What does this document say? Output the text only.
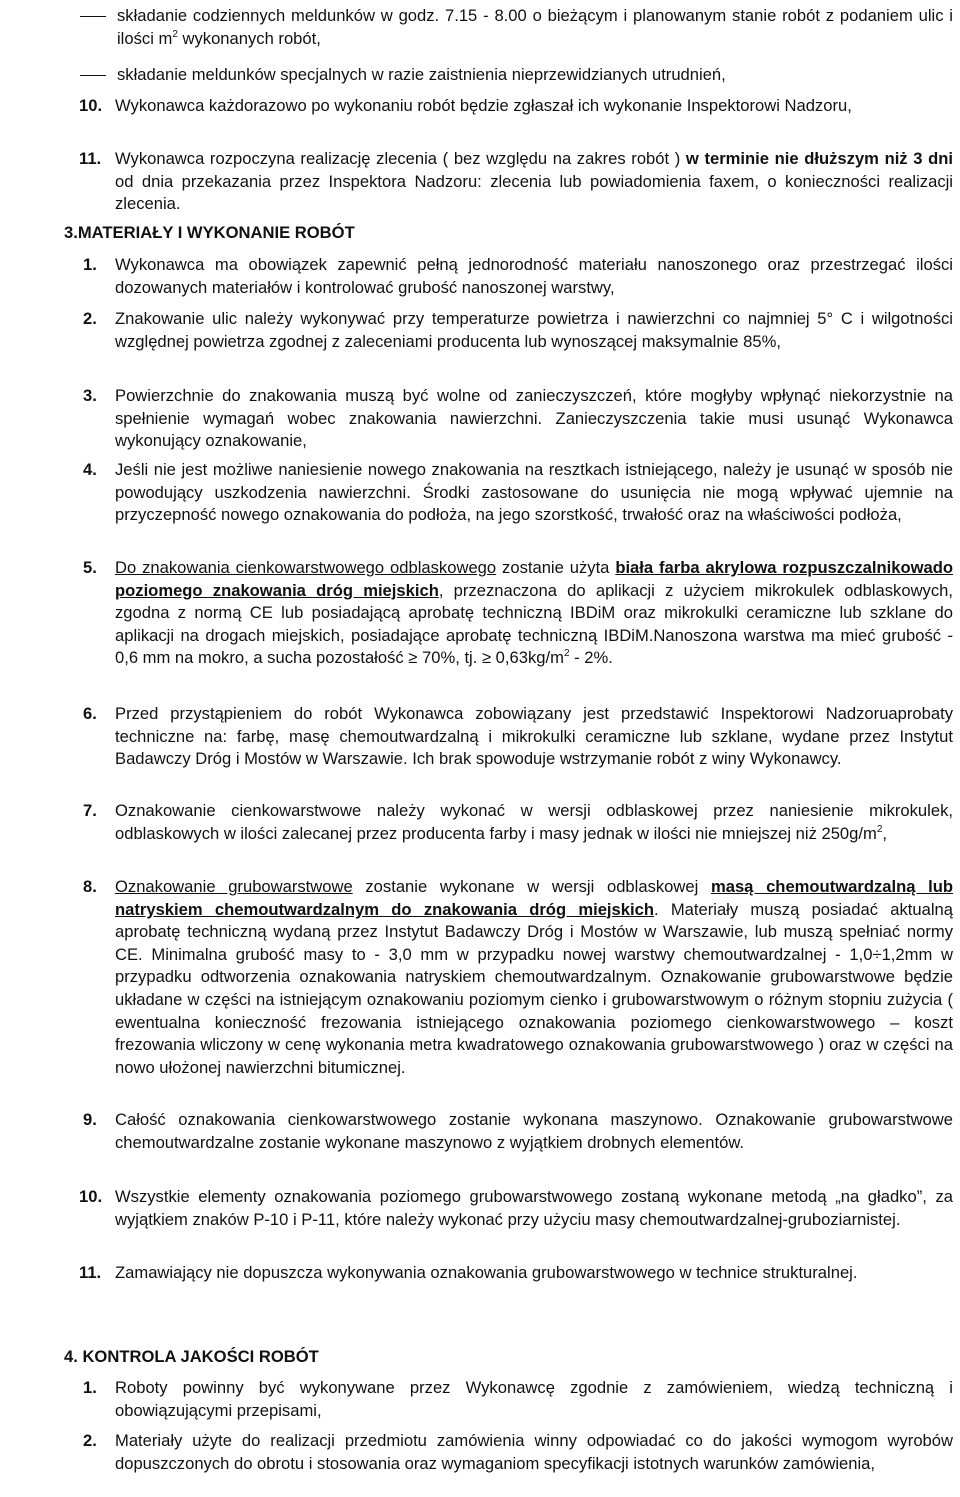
składanie codziennych meldunków w godz. 7.15 - 8.00 o bieżącym i planowanym stanie robót z podaniem ulic i ilości $m^2$ wykonanych robót,
składanie meldunków specjalnych w razie zaistnienia nieprzewidzianych utrudnień,
10. Wykonawca każdorazowo po wykonaniu robót będzie zgłaszał ich wykonanie Inspektorowi Nadzoru,
11. Wykonawca rozpoczyna realizację zlecenia ( bez względu na zakres robót ) w terminie nie dłuższym niż 3 dni od dnia przekazania przez Inspektora Nadzoru: zlecenia lub powiadomienia faxem, o konieczności realizacji zlecenia.
3.MATERIAŁY I WYKONANIE ROBÓT
1. Wykonawca ma obowiązek zapewnić pełną jednorodność materiału nanoszonego oraz przestrzegać ilości dozowanych materiałów i kontrolować grubość nanoszonej warstwy,
2. Znakowanie ulic należy wykonywać przy temperaturze powietrza i nawierzchni co najmniej 5° C i wilgotności względnej powietrza zgodnej z zaleceniami producenta lub wynoszącej maksymalnie 85%,
3. Powierzchnie do znakowania muszą być wolne od zanieczyszczeń, które mogłyby wpłynąć niekorzystnie na spełnienie wymagań wobec znakowania nawierzchni. Zanieczyszczenia takie musi usunąć Wykonawca wykonujący oznakowanie,
4. Jeśli nie jest możliwe naniesienie nowego znakowania na resztkach istniejącego, należy je usunąć w sposób nie powodujący uszkodzenia nawierzchni. Środki zastosowane do usunięcia nie mogą wpływać ujemnie na przyczepność nowego oznakowania do podłoża, na jego szorstkość, trwałość oraz na właściwości podłoża,
5. Do znakowania cienkowarstwowego odblaskowego zostanie użyta biała farba akrylowa rozpuszczalnikowado poziomego znakowania dróg miejskich, przeznaczona do aplikacji z użyciem mikrokulek odblaskowych, zgodna z normą CE lub posiadającą aprobatę techniczną IBDiM oraz mikrokulki ceramiczne lub szklane do aplikacji na drogach miejskich, posiadające aprobatę techniczną IBDiM.Nanoszona warstwa ma mieć grubość - 0,6 mm na mokro, a sucha pozostałość ≥ 70%, tj. ≥ $0,63kg/m^2 - 2\%$.
6. Przed przystąpieniem do robót Wykonawca zobowiązany jest przedstawić Inspektorowi Nadzoruaprobaty techniczne na: farbę, masę chemoutwardzalną i mikrokulki ceramiczne lub szklane, wydane przez Instytut Badawczy Dróg i Mostów w Warszawie. Ich brak spowoduje wstrzymanie robót z winy Wykonawcy.
7. Oznakowanie cienkowarstwowe należy wykonać w wersji odblaskowej przez naniesienie mikrokulek, odblaskowych w ilości zalecanej przez producenta farby i masy jednak w ilości nie mniejszej niż $250g/m^2$,
8. Oznakowanie grubowarstwowe zostanie wykonane w wersji odblaskowej masą chemoutwardzalną lub natryskiem chemoutwardzalnym do znakowania dróg miejskich. Materiały muszą posiadać aktualną aprobatę techniczną wydaną przez Instytut Badawczy Dróg i Mostów w Warszawie, lub muszą spełniać normy CE. Minimalna grubość masy to - 3,0 mm w przypadku nowej warstwy chemoutwardzalnej - 1,0÷1,2mm w przypadku odtworzenia oznakowania natryskiem chemoutwardzalnym. Oznakowanie grubowarstwowe będzie układane w części na istniejącym oznakowaniu poziomym cienko i grubowarstwowym o różnym stopniu zużycia ( ewentualna konieczność frezowania istniejącego oznakowania poziomego cienkowarstwowego – koszt frezowania wliczony w cenę wykonania metra kwadratowego oznakowania grubowarstwowego ) oraz w części na nowo ułożonej nawierzchni bitumicznej.
9. Całość oznakowania cienkowarstwowego zostanie wykonana maszynowo. Oznakowanie grubowarstwowe chemoutwardzalne zostanie wykonane maszynowo z wyjątkiem drobnych elementów.
10. Wszystkie elementy oznakowania poziomego grubowarstwowego zostaną wykonane metodą „na gładko”, za wyjątkiem znaków P-10 i P-11, które należy wykonać przy użyciu masy chemoutwardzalnej-gruboziarnistej.
11. Zamawiający nie dopuszcza wykonywania oznakowania grubowarstwowego w technice strukturalnej.
4. KONTROLA JAKOŚCI ROBÓT
1. Roboty powinny być wykonywane przez Wykonawcę zgodnie z zamówieniem, wiedzą techniczną i obowiązującymi przepisami,
2. Materiały użyte do realizacji przedmiotu zamówienia winny odpowiadać co do jakości wymogom wyrobów dopuszczonych do obrotu i stosowania oraz wymaganiom specyfikacji istotnych warunków zamówienia,
